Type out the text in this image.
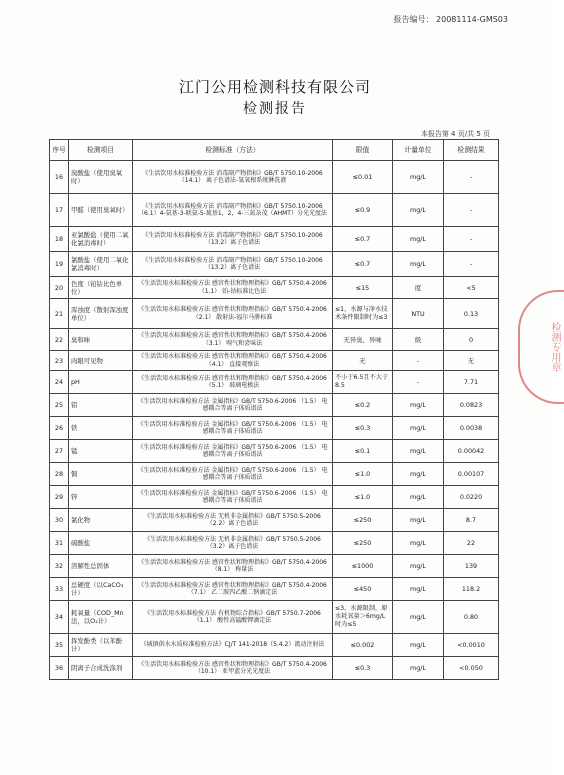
报告编号： 20081114-GMS03
江门公用检测科技有限公司
检测报告
本报告第 4 页/共 5 页
序号	检测项目	检测标准（方法）	限值	计量单位	检测结果
16	溴酸盐（使用臭氧时）	《生活饮用水标准检验方法 消毒副产物指标》GB/T 5750.10-2006 （14.1） 离子色谱法-氢氧根系统淋洗液	≤0.01	mg/L	-
17	甲醛（使用臭氧时）	《生活饮用水标准检验方法 消毒副产物指标》GB/T 5750.10-2006 （6.1）4-氨基-3-联氨-5-巯基1，2，4-三氮杂茂（AHMT）分光光度法	≤0.9	mg/L	-
18	亚氯酸盐（使用二氧化氯消毒时）	《生活饮用水标准检验方法 消毒副产物指标》GB/T 5750.10-2006 （13.2）离子色谱法	≤0.7	mg/L	-
19	氯酸盐（使用二氧化氯消毒时）	《生活饮用水标准检验方法 消毒副产物指标》GB/T 5750.10-2006 （13.2）离子色谱法	≤0.7	mg/L	-
20	色度（铂钴比色单位）	《生活饮用水标准检验方法 感官性状和物理指标》GB/T 5750.4-2006 （1.1） 铂-钴标准比色法	≤15	度	<5
21	浑浊度（散射浑浊度单位）	《生活饮用水标准检验方法 感官性状和物理指标》GB/T 5750.4-2006 （2.1） 散射法-福尔马肼标准	≤1，水源与净水技术条件限制时为≤3	NTU	0.13
22	臭和味	《生活饮用水标准检验方法 感官性状和物理指标》GB/T 5750.4-2006 （3.1） 嗅气和尝味法	无异臭、异味	级	0
23	肉眼可见物	《生活饮用水标准检验方法 感官性状和物理指标》GB/T 5750.4-2006 （4.1） 直接观察法	无	-	无
24	pH	《生活饮用水标准检验方法 感官性状和物理指标》GB/T 5750.4-2006 （5.1） 玻璃电极法	不小于6.5且不大于8.5	-	7.71
25	铝	《生活饮用水标准检验方法 金属指标》GB/T 5750.6-2006 （1.5） 电感耦合等离子体质谱法	≤0.2	mg/L	0.0823
26	铁	《生活饮用水标准检验方法 金属指标》GB/T 5750.6-2006 （1.5） 电感耦合等离子体质谱法	≤0.3	mg/L	0.0038
27	锰	《生活饮用水标准检验方法 金属指标》GB/T 5750.6-2006 （1.5） 电感耦合等离子体质谱法	≤0.1	mg/L	0.00042
28	铜	《生活饮用水标准检验方法 金属指标》GB/T 5750.6-2006 （1.5） 电感耦合等离子体质谱法	≤1.0	mg/L	0.00107
29	锌	《生活饮用水标准检验方法 金属指标》GB/T 5750.6-2006 （1.5） 电感耦合等离子体质谱法	≤1.0	mg/L	0.0220
30	氯化物	《生活饮用水标准检验方法 无机非金属指标》GB/T 5750.5-2006（2.2）离子色谱法	≤250	mg/L	8.7
31	硫酸盐	《生活饮用水标准检验方法 无机非金属指标》GB/T 5750.5-2006（3.2）离子色谱法	≤250	mg/L	22
32	溶解性总固体	《生活饮用水标准检验方法 感官性状和物理指标》GB/T 5750.4-2006 （8.1） 称量法	≤1000	mg/L	139
33	总硬度（以CaCO₃计）	《生活饮用水标准检验方法 感官性状和物理指标》GB/T 5750.4-2006 （7.1） 乙二胺四乙酸二钠滴定法	≤450	mg/L	118.2
34	耗氧量（COD_Mn法，以O₂计）	《生活饮用水标准检验方法 有机物综合指标》GB/T 5750.7-2006 （1.1） 酸性高锰酸钾滴定法	≤3，水源限制，原水耗氧量＞6mg/L时为≤5	mg/L	0.80
35	挥发酚类（以苯酚计）	《城镇供水水质标准检验方法》CJ/T 141-2018（5.4.2）流动注射法	≤0.002	mg/L	<0.0010
36	阴离子合成洗涤剂	《生活饮用水标准检验方法 感官性状和物理指标》GB/T 5750.4-2006 （10.1） 亚甲蓝分光光度法	≤0.3	mg/L	<0.050
检测专用章
